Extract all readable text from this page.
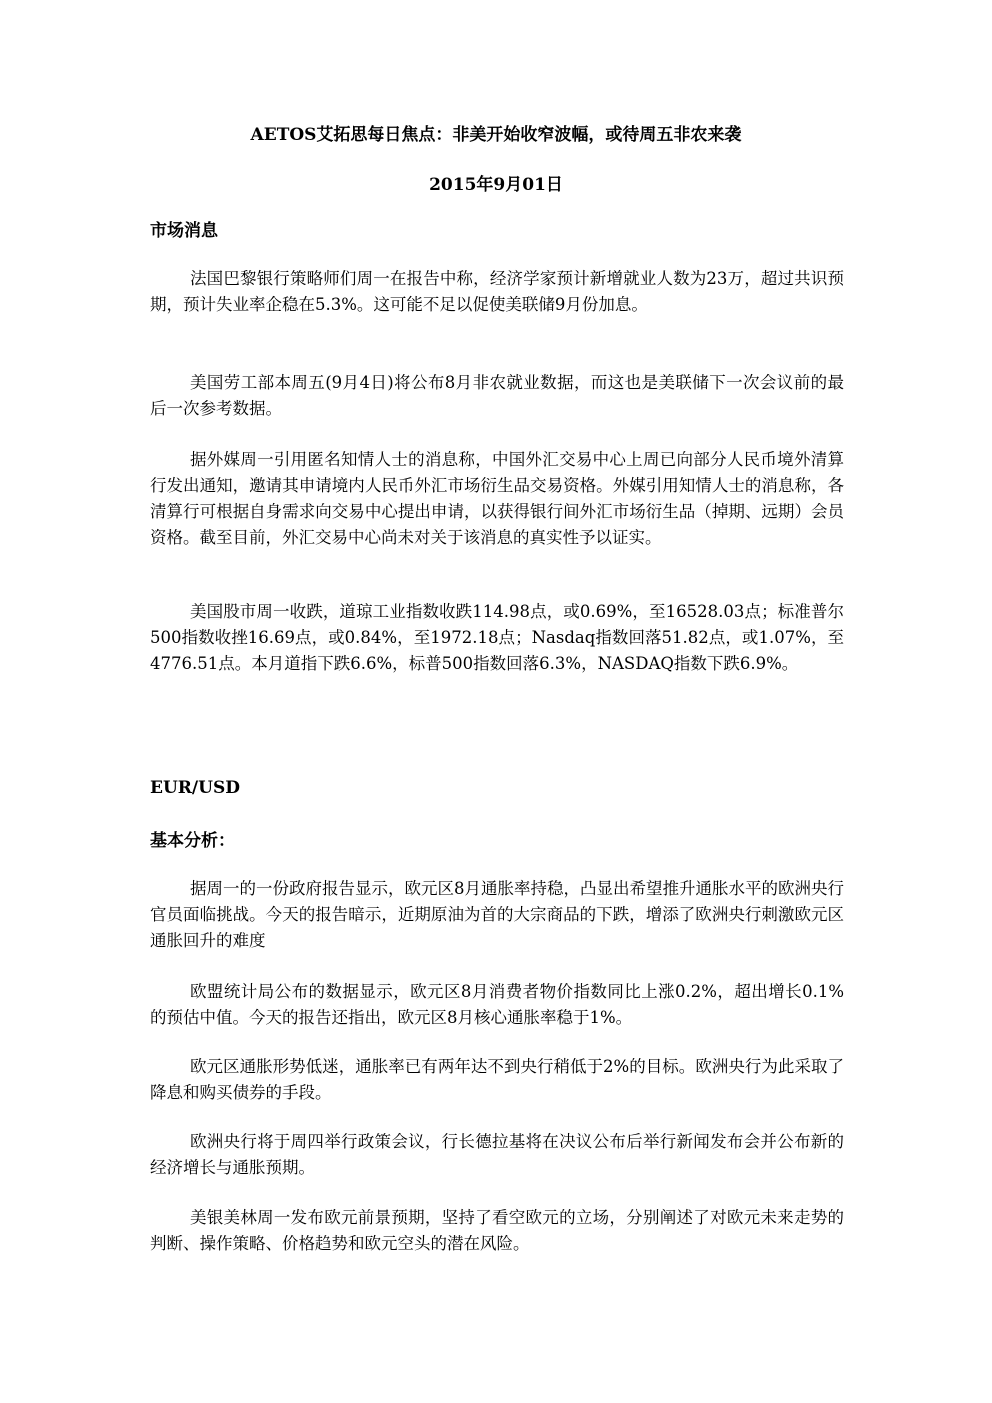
AETOS艾拓思每日焦点：非美开始收窄波幅，或待周五非农来袭
2015年9月01日
市场消息

法国巴黎银行策略师们周一在报告中称，经济学家预计新增就业人数为23万，超过共识预期，预计失业率企稳在5.3%。这可能不足以促使美联储9月份加息。

美国劳工部本周五(9月4日)将公布8月非农就业数据，而这也是美联储下一次会议前的最后一次参考数据。

据外媒周一引用匿名知情人士的消息称，中国外汇交易中心上周已向部分人民币境外清算行发出通知，邀请其申请境内人民币外汇市场衍生品交易资格。外媒引用知情人士的消息称，各清算行可根据自身需求向交易中心提出申请，以获得银行间外汇市场衍生品（掉期、远期）会员资格。截至目前，外汇交易中心尚未对关于该消息的真实性予以证实。

美国股市周一收跌，道琼工业指数收跌114.98点，或0.69%，至16528.03点；标准普尔500指数收挫16.69点，或0.84%，至1972.18点；Nasdaq指数回落51.82点，或1.07%，至4776.51点。本月道指下跌6.6%，标普500指数回落6.3%，NASDAQ指数下跌6.9%。

EUR/USD
基本分析：

据周一的一份政府报告显示，欧元区8月通胀率持稳，凸显出希望推升通胀水平的欧洲央行官员面临挑战。今天的报告暗示，近期原油为首的大宗商品的下跌，增添了欧洲央行刺激欧元区通胀回升的难度

欧盟统计局公布的数据显示，欧元区8月消费者物价指数同比上涨0.2%，超出增长0.1%的预估中值。今天的报告还指出，欧元区8月核心通胀率稳于1%。

欧元区通胀形势低迷，通胀率已有两年达不到央行稍低于2%的目标。欧洲央行为此采取了降息和购买债券的手段。

欧洲央行将于周四举行政策会议，行长德拉基将在决议公布后举行新闻发布会并公布新的经济增长与通胀预期。

美银美林周一发布欧元前景预期，坚持了看空欧元的立场，分别阐述了对欧元未来走势的判断、操作策略、价格趋势和欧元空头的潜在风险。
